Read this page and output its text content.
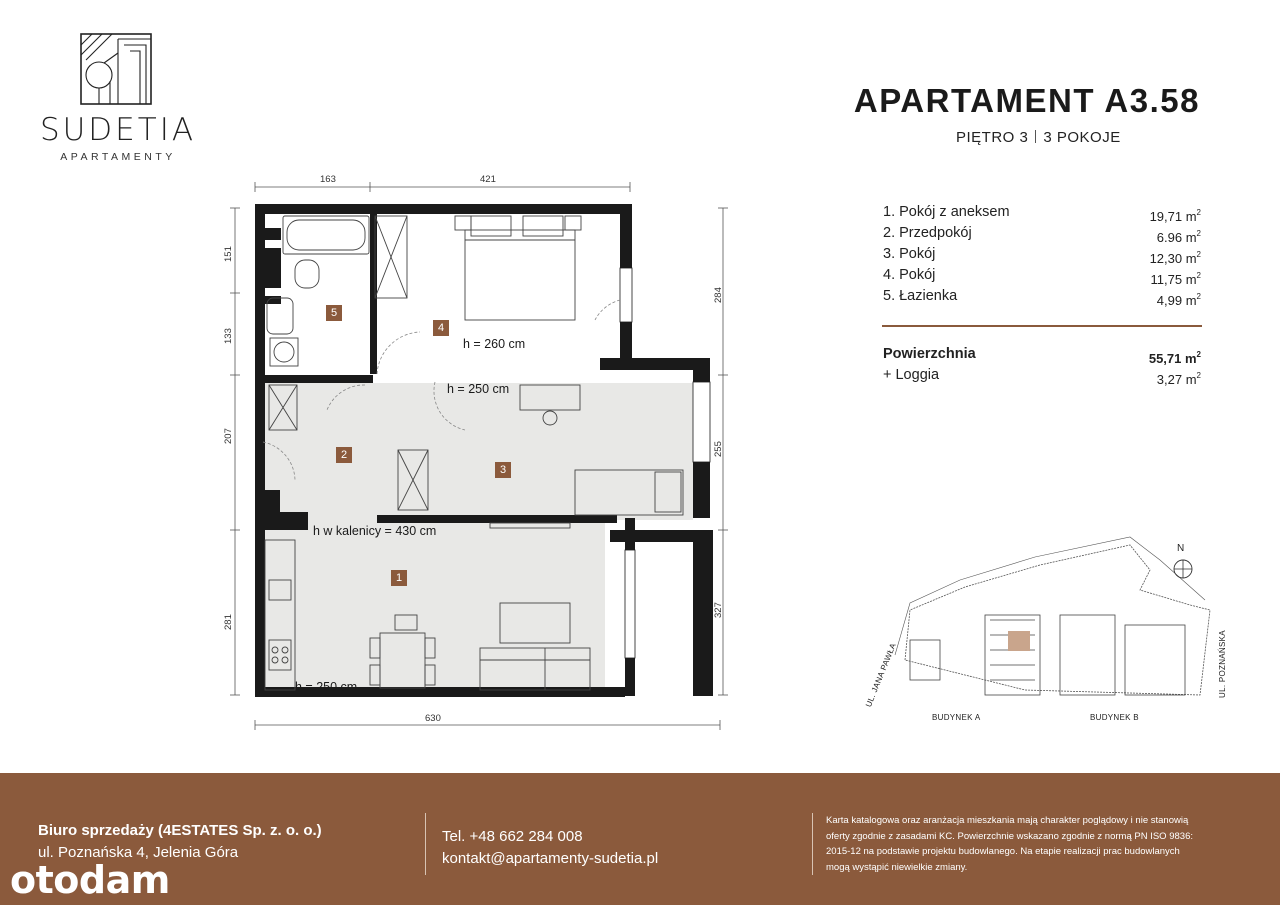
SUDETIA
APARTAMENTY
APARTAMENT A3.58
PIĘTRO 3 3 POKOJE
1. Pokój z aneksem	19,71 $m^2$
2. Przedpokój	6.96 $m^2$
3. Pokój	12,30 $m^2$
4. Pokój	11,75 $m^2$
5. Łazienka	4,99 $m^2$
Powierzchnia	55,71 $m^2$
+ Loggia	3,27 $m^2$
1
2
3
4
5
h = 260 cm
h = 250 cm
h w kalenicy = 430 cm
h = 250 cm
163	421
630
151
133
207
281
284
255
327
N
BUDYNEK A	BUDYNEK B
UL. JANA PAWŁA	UL. POZNAŃSKA
Biuro sprzedaży (4ESTATES Sp. z. o. o.)
ul. Poznańska 4, Jelenia Góra
Tel. +48 662 284 008
kontakt@apartamenty-sudetia.pl
Karta katalogowa oraz aranżacja mieszkania mają charakter poglądowy i nie stanowią oferty zgodnie z zasadami KC. Powierzchnie wskazano zgodnie z normą PN ISO 9836: 2015-12 na podstawie projektu budowlanego. Na etapie realizacji prac budowlanych mogą wystąpić niewielkie zmiany.
otodam
